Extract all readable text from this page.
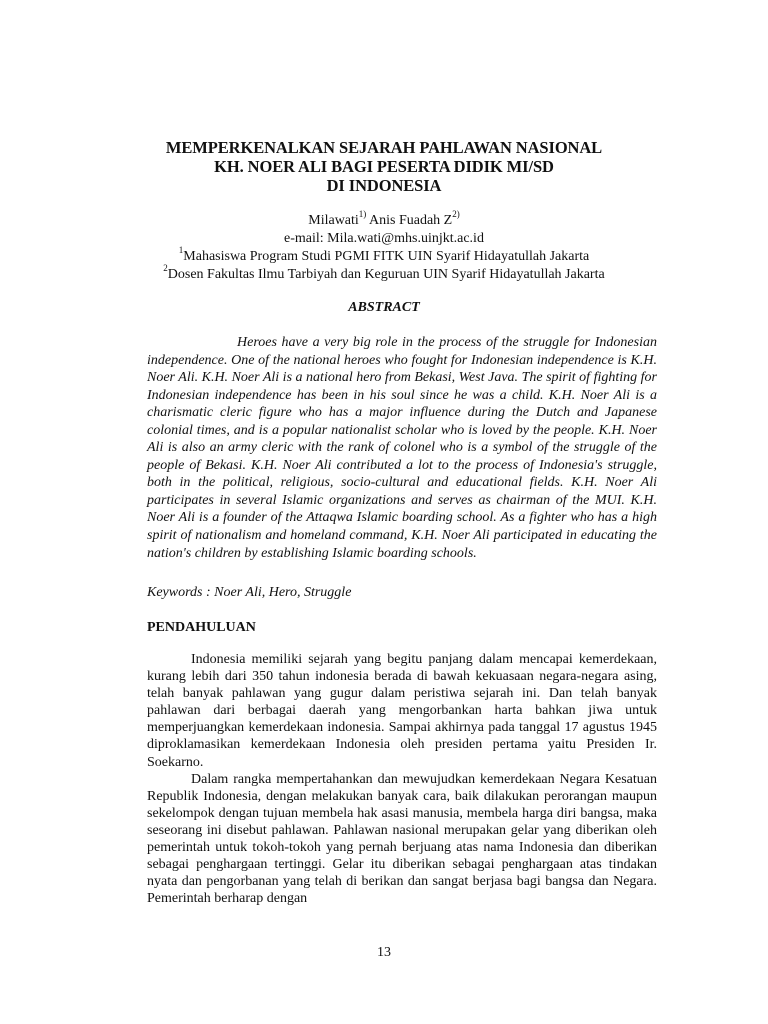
MEMPERKENALKAN SEJARAH PAHLAWAN NASIONAL
KH. NOER ALI BAGI PESERTA DIDIK MI/SD
DI INDONESIA
Milawati$^{1)}$ Anis Fuadah $Z^{2)}$
e-mail: Mila.wati@mhs.uinjkt.ac.id
$^1$Mahasiswa Program Studi PGMI FITK UIN Syarif Hidayatullah Jakarta
$^2$Dosen Fakultas Ilmu Tarbiyah dan Keguruan UIN Syarif Hidayatullah Jakarta
ABSTRACT

Heroes have a very big role in the process of the struggle for Indonesian independence. One of the national heroes who fought for Indonesian independence is K.H. Noer Ali. K.H. Noer Ali is a national hero from Bekasi, West Java. The spirit of fighting for Indonesian independence has been in his soul since he was a child. K.H. Noer Ali is a charismatic cleric figure who has a major influence during the Dutch and Japanese colonial times, and is a popular nationalist scholar who is loved by the people. K.H. Noer Ali is also an army cleric with the rank of colonel who is a symbol of the struggle of the people of Bekasi. K.H. Noer Ali contributed a lot to the process of Indonesia's struggle, both in the political, religious, socio-cultural and educational fields. K.H. Noer Ali participates in several Islamic organizations and serves as chairman of the MUI. K.H. Noer Ali is a founder of the Attaqwa Islamic boarding school. As a fighter who has a high spirit of nationalism and homeland command, K.H. Noer Ali participated in educating the nation's children by establishing Islamic boarding schools.

Keywords : Noer Ali, Hero, Struggle
PENDAHULUAN

Indonesia memiliki sejarah yang begitu panjang dalam mencapai kemerdekaan, kurang lebih dari 350 tahun indonesia berada di bawah kekuasaan negara-negara asing, telah banyak pahlawan yang gugur dalam peristiwa sejarah ini. Dan telah banyak pahlawan dari berbagai daerah yang mengorbankan harta bahkan jiwa untuk memperjuangkan kemerdekaan indonesia. Sampai akhirnya pada tanggal 17 agustus 1945 diproklamasikan kemerdekaan Indonesia oleh presiden pertama yaitu Presiden Ir. Soekarno.

Dalam rangka mempertahankan dan mewujudkan kemerdekaan Negara Kesatuan Republik Indonesia, dengan melakukan banyak cara, baik dilakukan perorangan maupun sekelompok dengan tujuan membela hak asasi manusia, membela harga diri bangsa, maka seseorang ini disebut pahlawan. Pahlawan nasional merupakan gelar yang diberikan oleh pemerintah untuk tokoh-tokoh yang pernah berjuang atas nama Indonesia dan diberikan sebagai penghargaan tertinggi. Gelar itu diberikan sebagai penghargaan atas tindakan nyata dan pengorbanan yang telah di berikan dan sangat berjasa bagi bangsa dan Negara. Pemerintah berharap dengan

13
